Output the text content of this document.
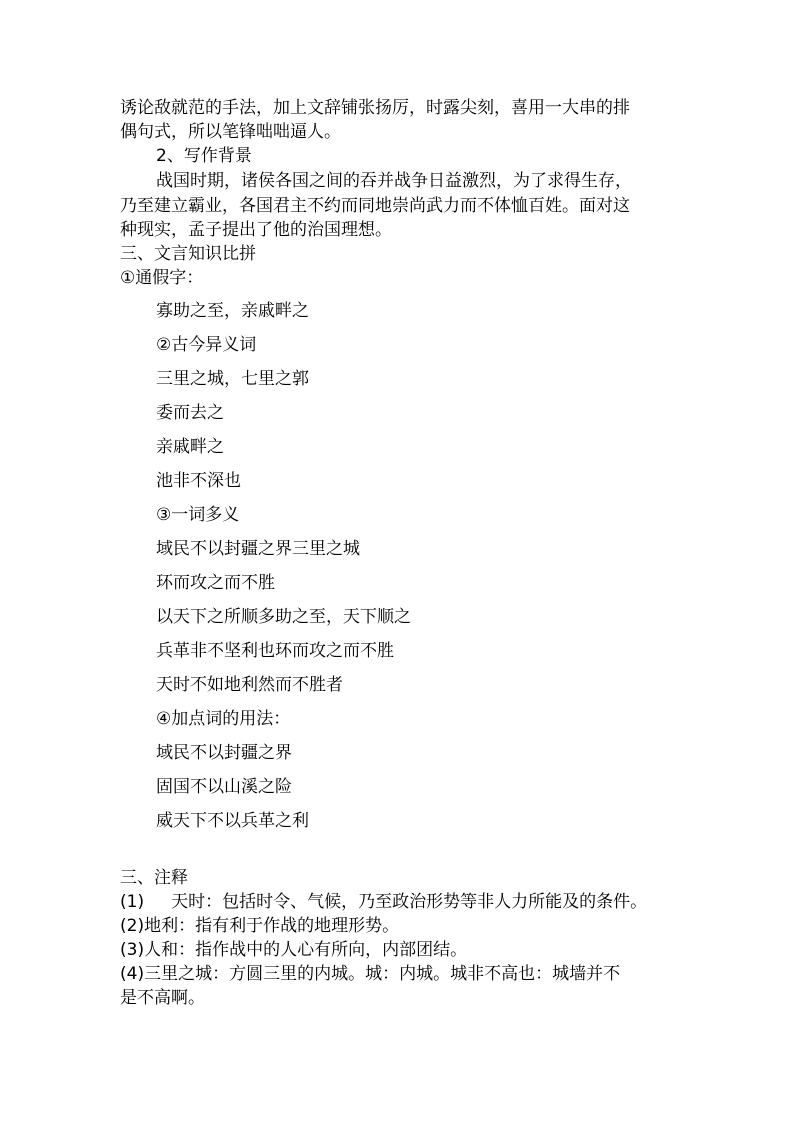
诱论敌就范的手法，加上文辞铺张扬厉，时露尖刻，喜用一大串的排
偶句式，所以笔锋咄咄逼人。
2、写作背景
战国时期，诸侯各国之间的吞并战争日益激烈，为了求得生存，
乃至建立霸业，各国君主不约而同地崇尚武力而不体恤百姓。面对这
种现实，孟子提出了他的治国理想。
三、文言知识比拼
①通假字：
寡助之至，亲戚畔之
②古今异义词
三里之城，七里之郭
委而去之
亲戚畔之
池非不深也
③一词多义
域民不以封疆之界三里之城
环而攻之而不胜
以天下之所顺多助之至，天下顺之
兵革非不坚利也环而攻之而不胜
天时不如地利然而不胜者
④加点词的用法：
域民不以封疆之界
固国不以山溪之险
威天下不以兵革之利
三、注释
(1)     天时：包括时令、气候，乃至政治形势等非人力所能及的条件。
(2)地利：指有利于作战的地理形势。
(3)人和：指作战中的人心有所向，内部团结。
(4)三里之城：方圆三里的内城。城：内城。城非不高也：城墙并不
是不高啊。
